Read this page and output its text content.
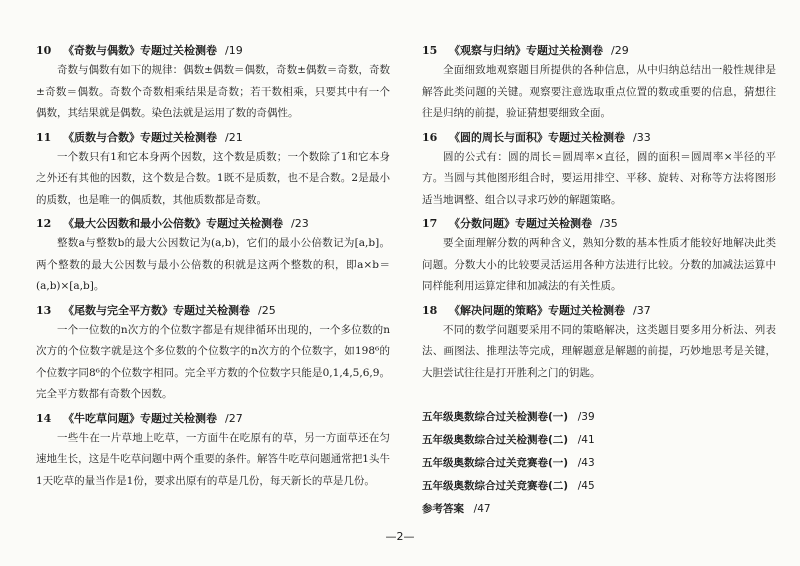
10	《奇数与偶数》专题过关检测卷 /19
奇数与偶数有如下的规律：偶数±偶数＝偶数，奇数±偶数＝奇数，奇数±奇数＝偶数。奇数个奇数相乘结果是奇数；若干数相乘，只要其中有一个偶数，其结果就是偶数。染色法就是运用了数的奇偶性。
11	《质数与合数》专题过关检测卷 /21
一个数只有1和它本身两个因数，这个数是质数；一个数除了1和它本身之外还有其他的因数，这个数是合数。1既不是质数，也不是合数。2是最小的质数，也是唯一的偶质数，其他质数都是奇数。
12	《最大公因数和最小公倍数》专题过关检测卷 /23
整数a与整数b的最大公因数记为(a,b)，它们的最小公倍数记为[a,b]。两个整数的最大公因数与最小公倍数的积就是这两个整数的积，即a×b＝(a,b)×[a,b]。
13	《尾数与完全平方数》专题过关检测卷 /25
一个一位数的n次方的个位数字都是有规律循环出现的，一个多位数的n次方的个位数字就是这个多位数的个位数字的n次方的个位数字，如198⁶的个位数字同8⁶的个位数字相同。完全平方数的个位数字只能是0,1,4,5,6,9。完全平方数都有奇数个因数。
14	《牛吃草问题》专题过关检测卷 /27
一些牛在一片草地上吃草，一方面牛在吃原有的草，另一方面草还在匀速地生长，这是牛吃草问题中两个重要的条件。解答牛吃草问题通常把1头牛1天吃草的量当作是1份，要求出原有的草是几份，每天新长的草是几份。
15	《观察与归纳》专题过关检测卷 /29
全面细致地观察题目所提供的各种信息，从中归纳总结出一般性规律是解答此类问题的关键。观察要注意选取重点位置的数或重要的信息，猜想往往是归纳的前提，验证猜想要细致全面。
16	《圆的周长与面积》专题过关检测卷 /33
圆的公式有：圆的周长＝圆周率×直径，圆的面积＝圆周率×半径的平方。当圆与其他图形组合时，要运用排空、平移、旋转、对称等方法将图形适当地调整、组合以寻求巧妙的解题策略。
17	《分数问题》专题过关检测卷 /35
要全面理解分数的两种含义，熟知分数的基本性质才能较好地解决此类问题。分数大小的比较要灵活运用各种方法进行比较。分数的加减法运算中同样能利用运算定律和加减法的有关性质。
18	《解决问题的策略》专题过关检测卷 /37
不同的数学问题要采用不同的策略解决，这类题目要多用分析法、列表法、画图法、推理法等完成，理解题意是解题的前提，巧妙地思考是关键，大胆尝试往往是打开胜利之门的钥匙。
五年级奥数综合过关检测卷(一) /39
五年级奥数综合过关检测卷(二) /41
五年级奥数综合过关竞赛卷(一) /43
五年级奥数综合过关竞赛卷(二) /45
参考答案 /47
—2—
